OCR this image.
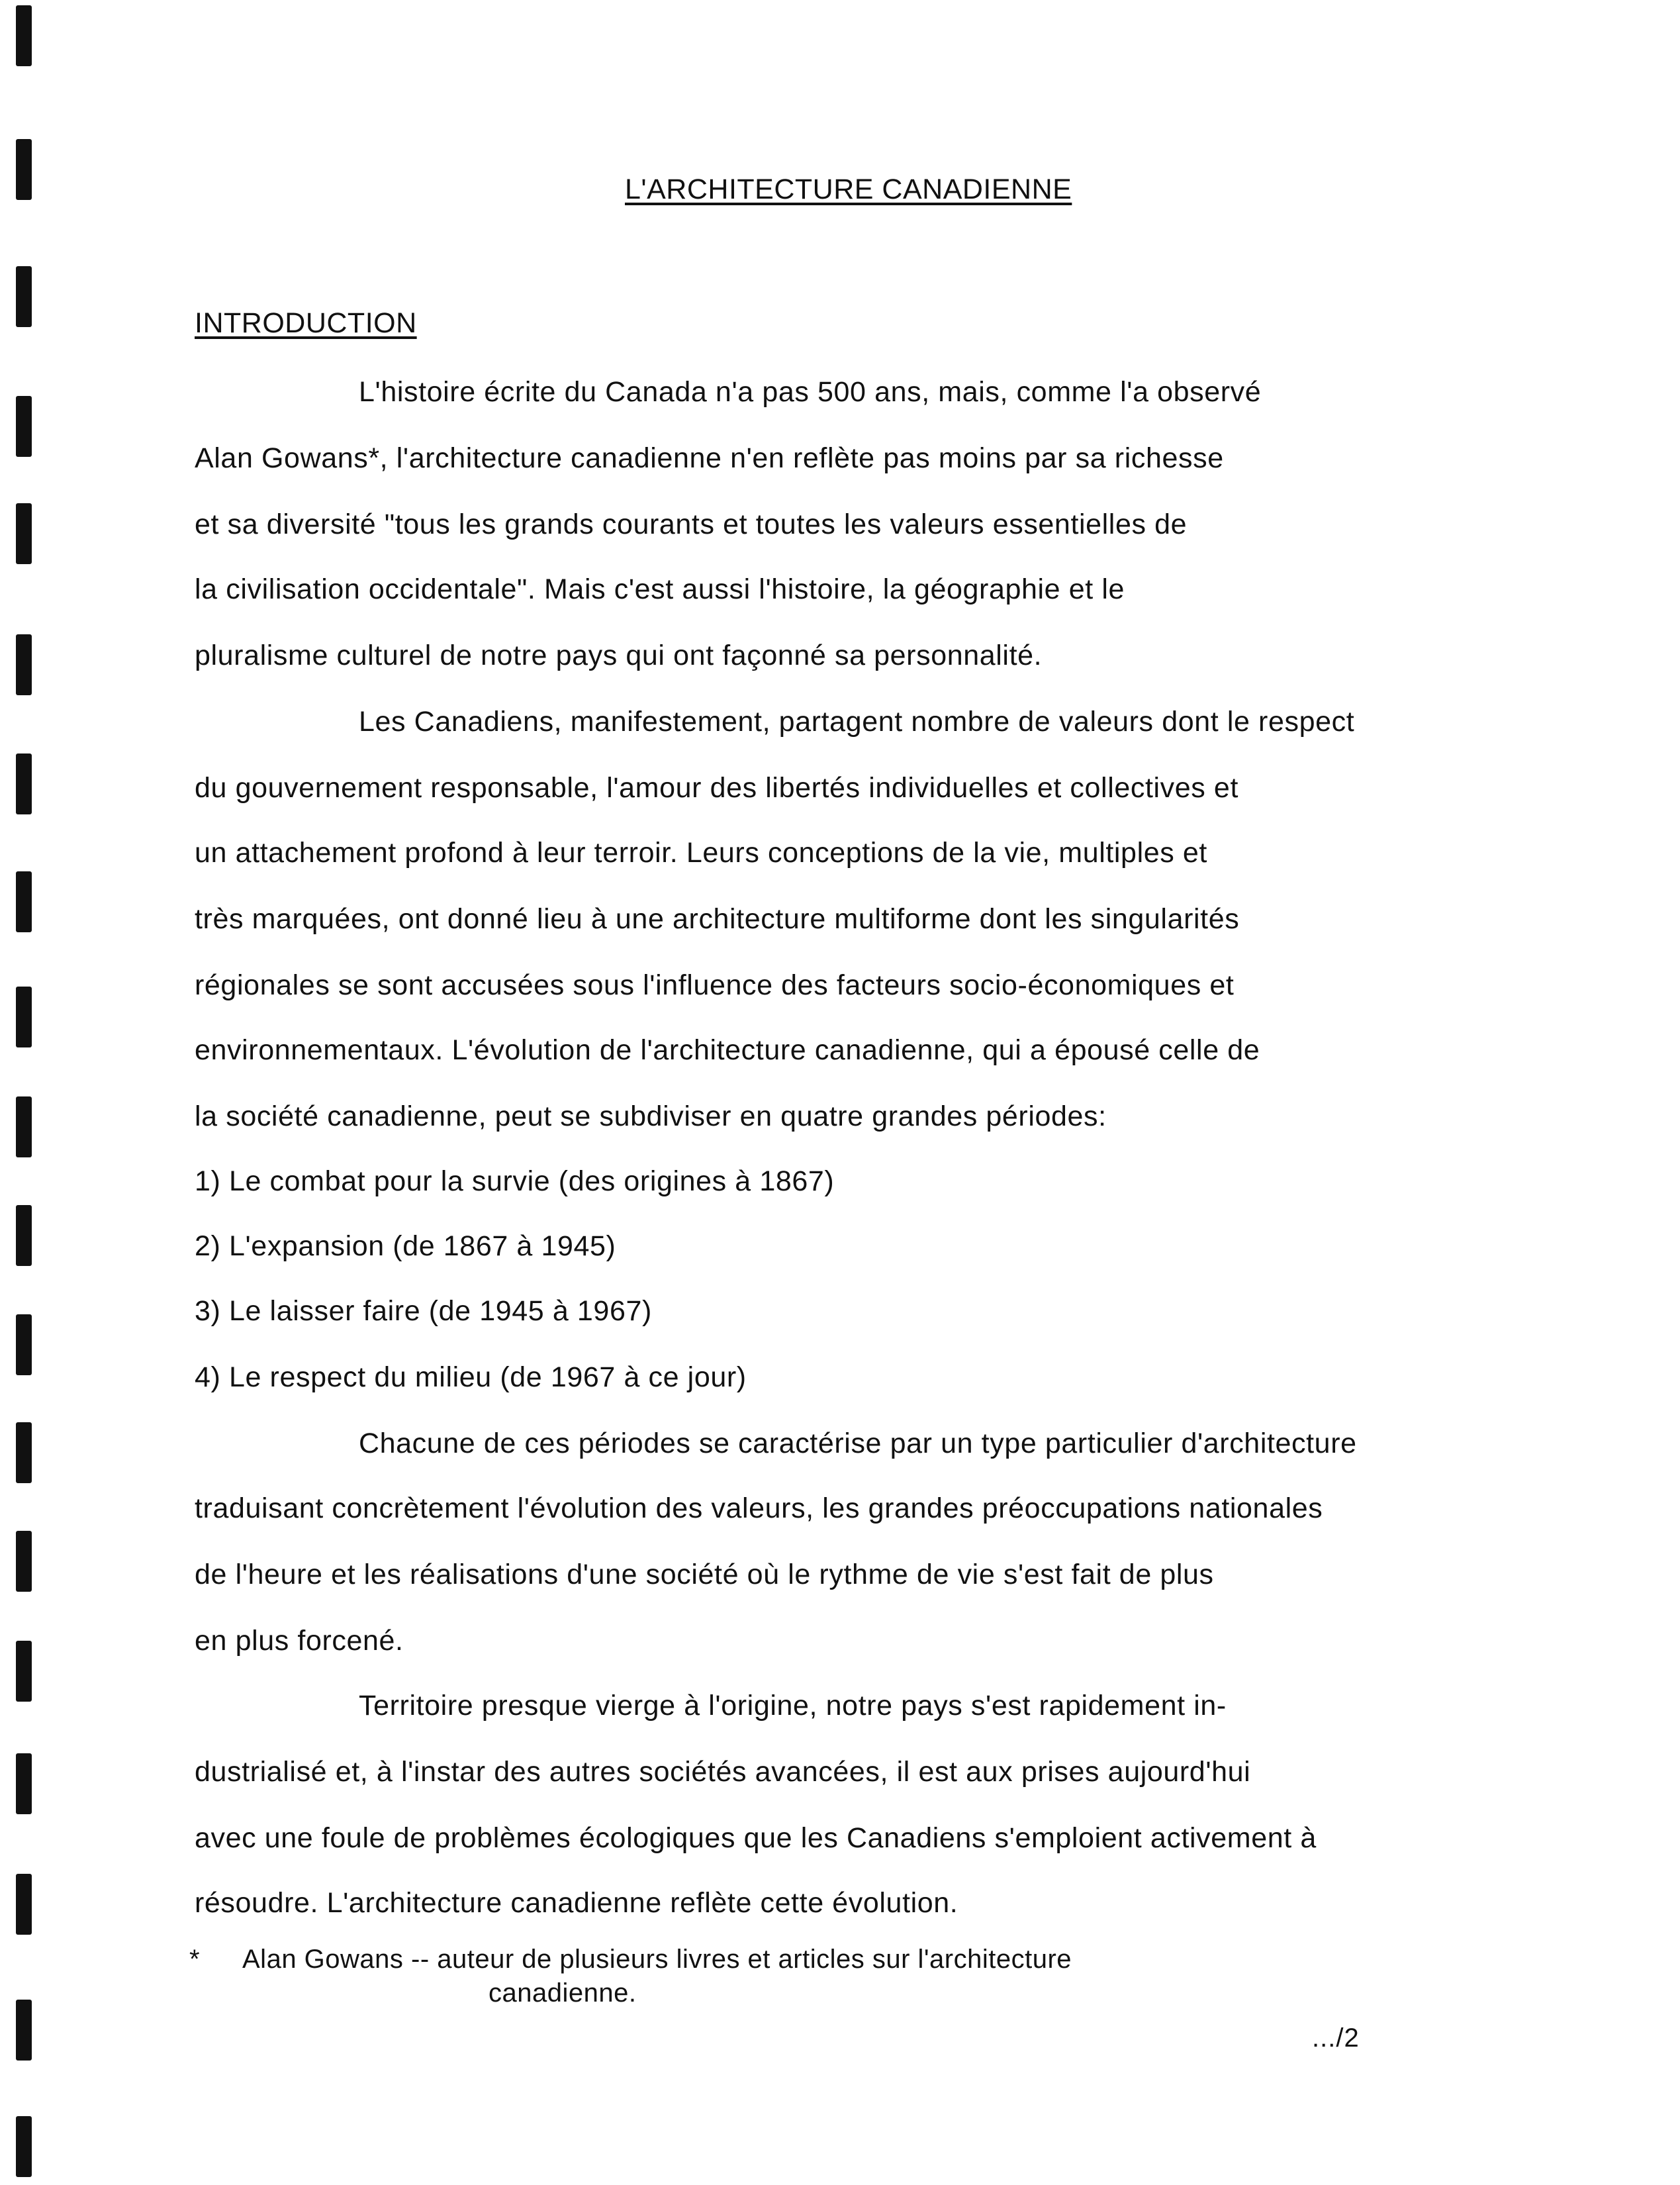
L'ARCHITECTURE CANADIENNE
INTRODUCTION
L'histoire écrite du Canada n'a pas 500 ans, mais, comme l'a observé
Alan Gowans*, l'architecture canadienne n'en reflète pas moins par sa richesse
et sa diversité "tous les grands courants et toutes les valeurs essentielles de
la civilisation occidentale". Mais c'est aussi l'histoire, la géographie et le
pluralisme culturel de notre pays qui ont façonné sa personnalité.
Les Canadiens, manifestement, partagent nombre de valeurs dont le respect
du gouvernement responsable, l'amour des libertés individuelles et collectives et
un attachement profond à leur terroir. Leurs conceptions de la vie, multiples et
très marquées, ont donné lieu à une architecture multiforme dont les singularités
régionales se sont accusées sous l'influence des facteurs socio-économiques et
environnementaux. L'évolution de l'architecture canadienne, qui a épousé celle de
la société canadienne, peut se subdiviser en quatre grandes périodes:
1) Le combat pour la survie (des origines à 1867)
2) L'expansion (de 1867 à 1945)
3) Le laisser faire (de 1945 à 1967)
4) Le respect du milieu (de 1967 à ce jour)
Chacune de ces périodes se caractérise par un type particulier d'architecture
traduisant concrètement l'évolution des valeurs, les grandes préoccupations nationales
de l'heure et les réalisations d'une société où le rythme de vie s'est fait de plus
en plus forcené.
Territoire presque vierge à l'origine, notre pays s'est rapidement in-
dustrialisé et, à l'instar des autres sociétés avancées, il est aux prises aujourd'hui
avec une foule de problèmes écologiques que les Canadiens s'emploient activement à
résoudre. L'architecture canadienne reflète cette évolution.
* Alan Gowans -- auteur de plusieurs livres et articles sur l'architecture
canadienne.
.../2
